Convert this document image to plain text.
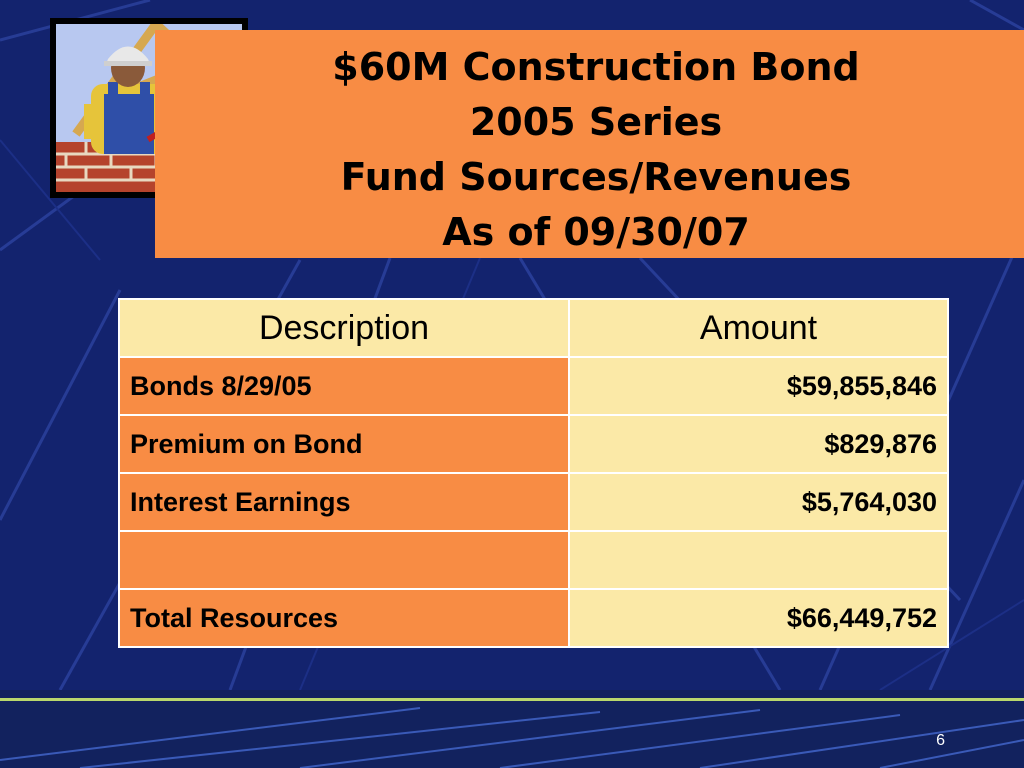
$60M Construction Bond
2005 Series
Fund Sources/Revenues
As of 09/30/07
Description	Amount
Bonds 8/29/05	$59,855,846
Premium on Bond	$829,876
Interest Earnings	$5,764,030

Total Resources	$66,449,752
6
